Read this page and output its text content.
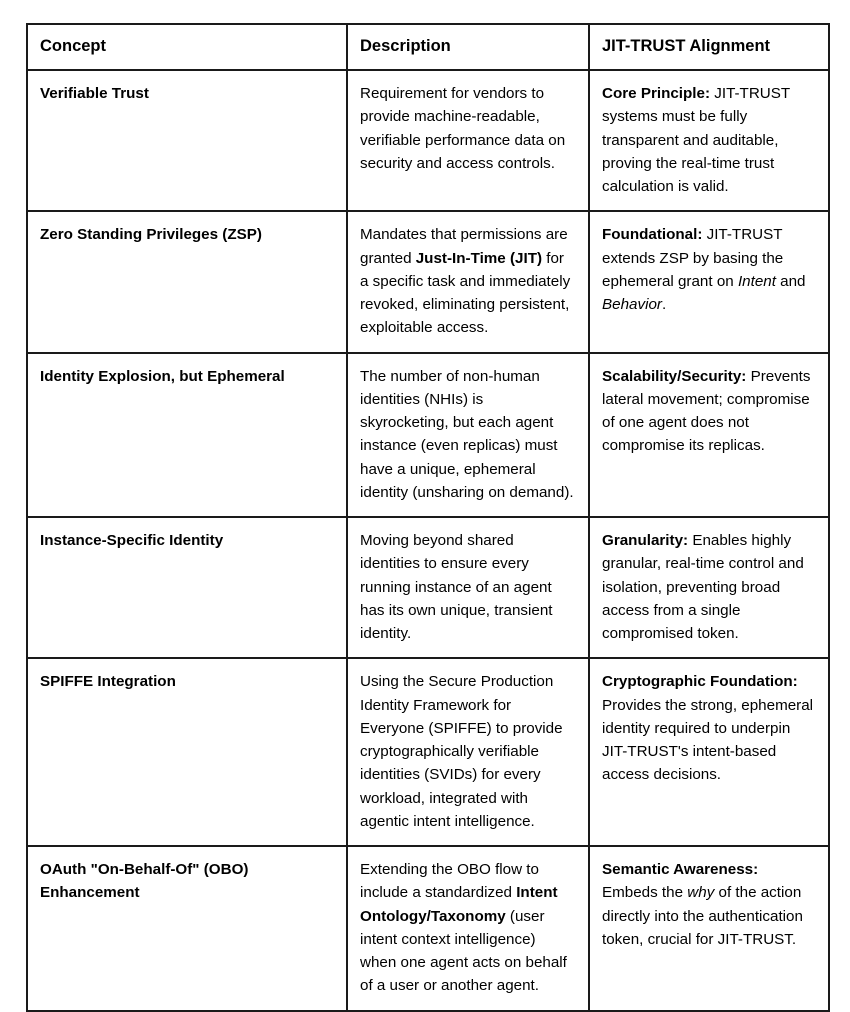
Concept	Description	JIT-TRUST Alignment
Verifiable Trust	Requirement for vendors to provide machine-readable, verifiable performance data on security and access controls.	Core Principle: JIT-TRUST systems must be fully transparent and auditable, proving the real-time trust calculation is valid.
Zero Standing Privileges (ZSP)	Mandates that permissions are granted Just-In-Time (JIT) for a specific task and immediately revoked, eliminating persistent, exploitable access.	Foundational: JIT-TRUST extends ZSP by basing the ephemeral grant on Intent and Behavior.
Identity Explosion, but Ephemeral	The number of non-human identities (NHIs) is skyrocketing, but each agent instance (even replicas) must have a unique, ephemeral identity (unsharing on demand).	Scalability/Security: Prevents lateral movement; compromise of one agent does not compromise its replicas.
Instance-Specific Identity	Moving beyond shared identities to ensure every running instance of an agent has its own unique, transient identity.	Granularity: Enables highly granular, real-time control and isolation, preventing broad access from a single compromised token.
SPIFFE Integration	Using the Secure Production Identity Framework for Everyone (SPIFFE) to provide cryptographically verifiable identities (SVIDs) for every workload, integrated with agentic intent intelligence.	Cryptographic Foundation: Provides the strong, ephemeral identity required to underpin JIT-TRUST's intent-based access decisions.
OAuth "On-Behalf-Of" (OBO) Enhancement	Extending the OBO flow to include a standardized Intent Ontology/Taxonomy (user intent context intelligence) when one agent acts on behalf of a user or another agent.	Semantic Awareness: Embeds the why of the action directly into the authentication token, crucial for JIT-TRUST.
